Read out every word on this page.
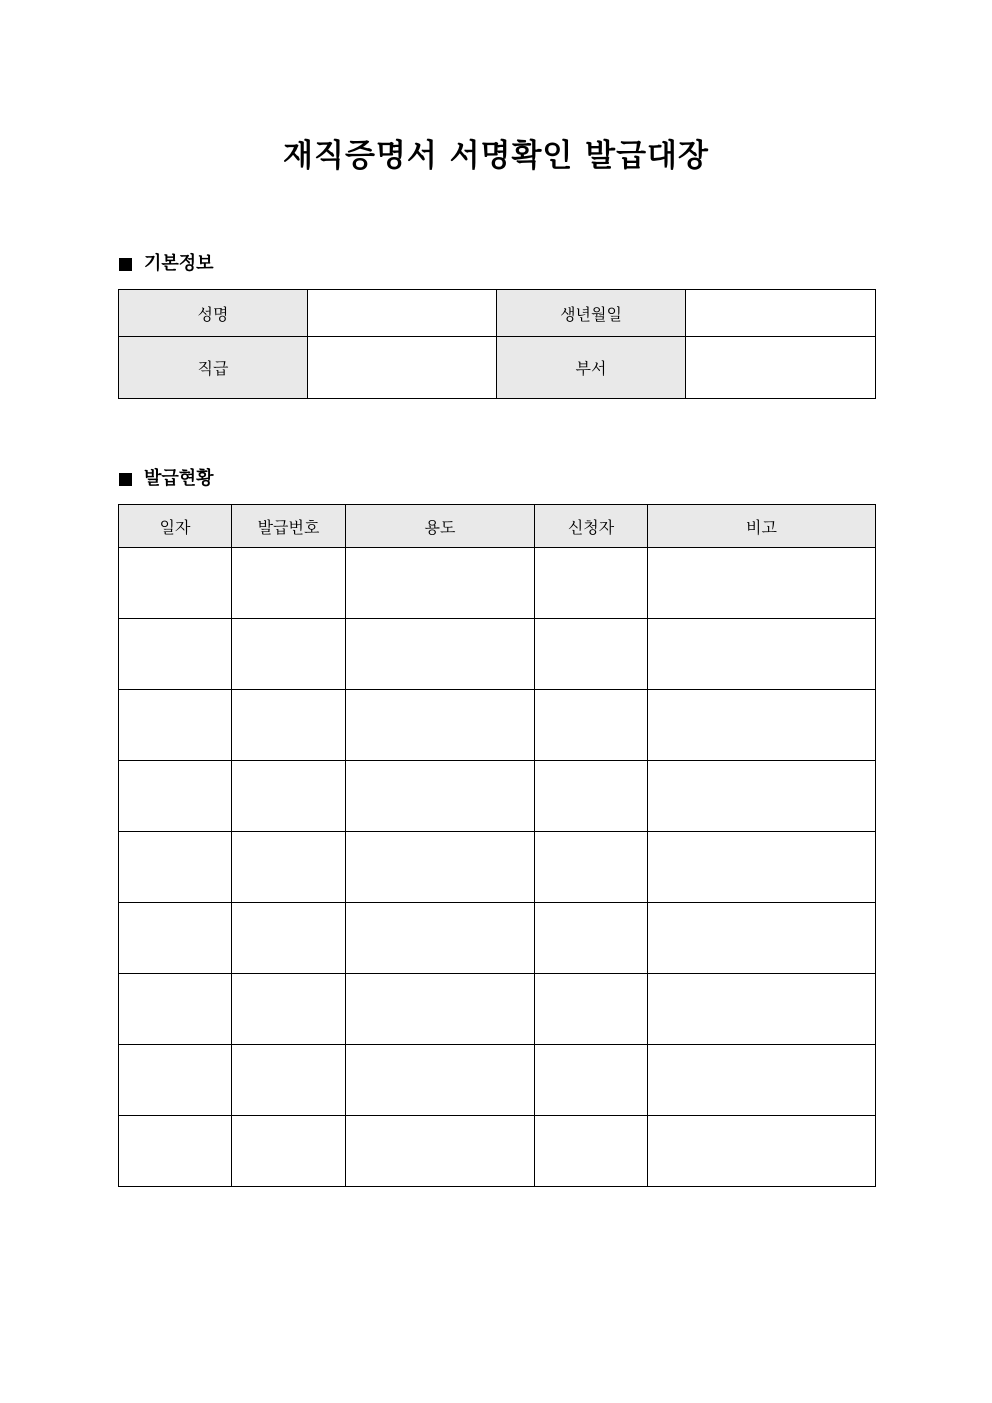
재직증명서 서명확인 발급대장
기본정보
성명		생년월일	
직급		부서	
발급현황
일자	발급번호	용도	신청자	비고
